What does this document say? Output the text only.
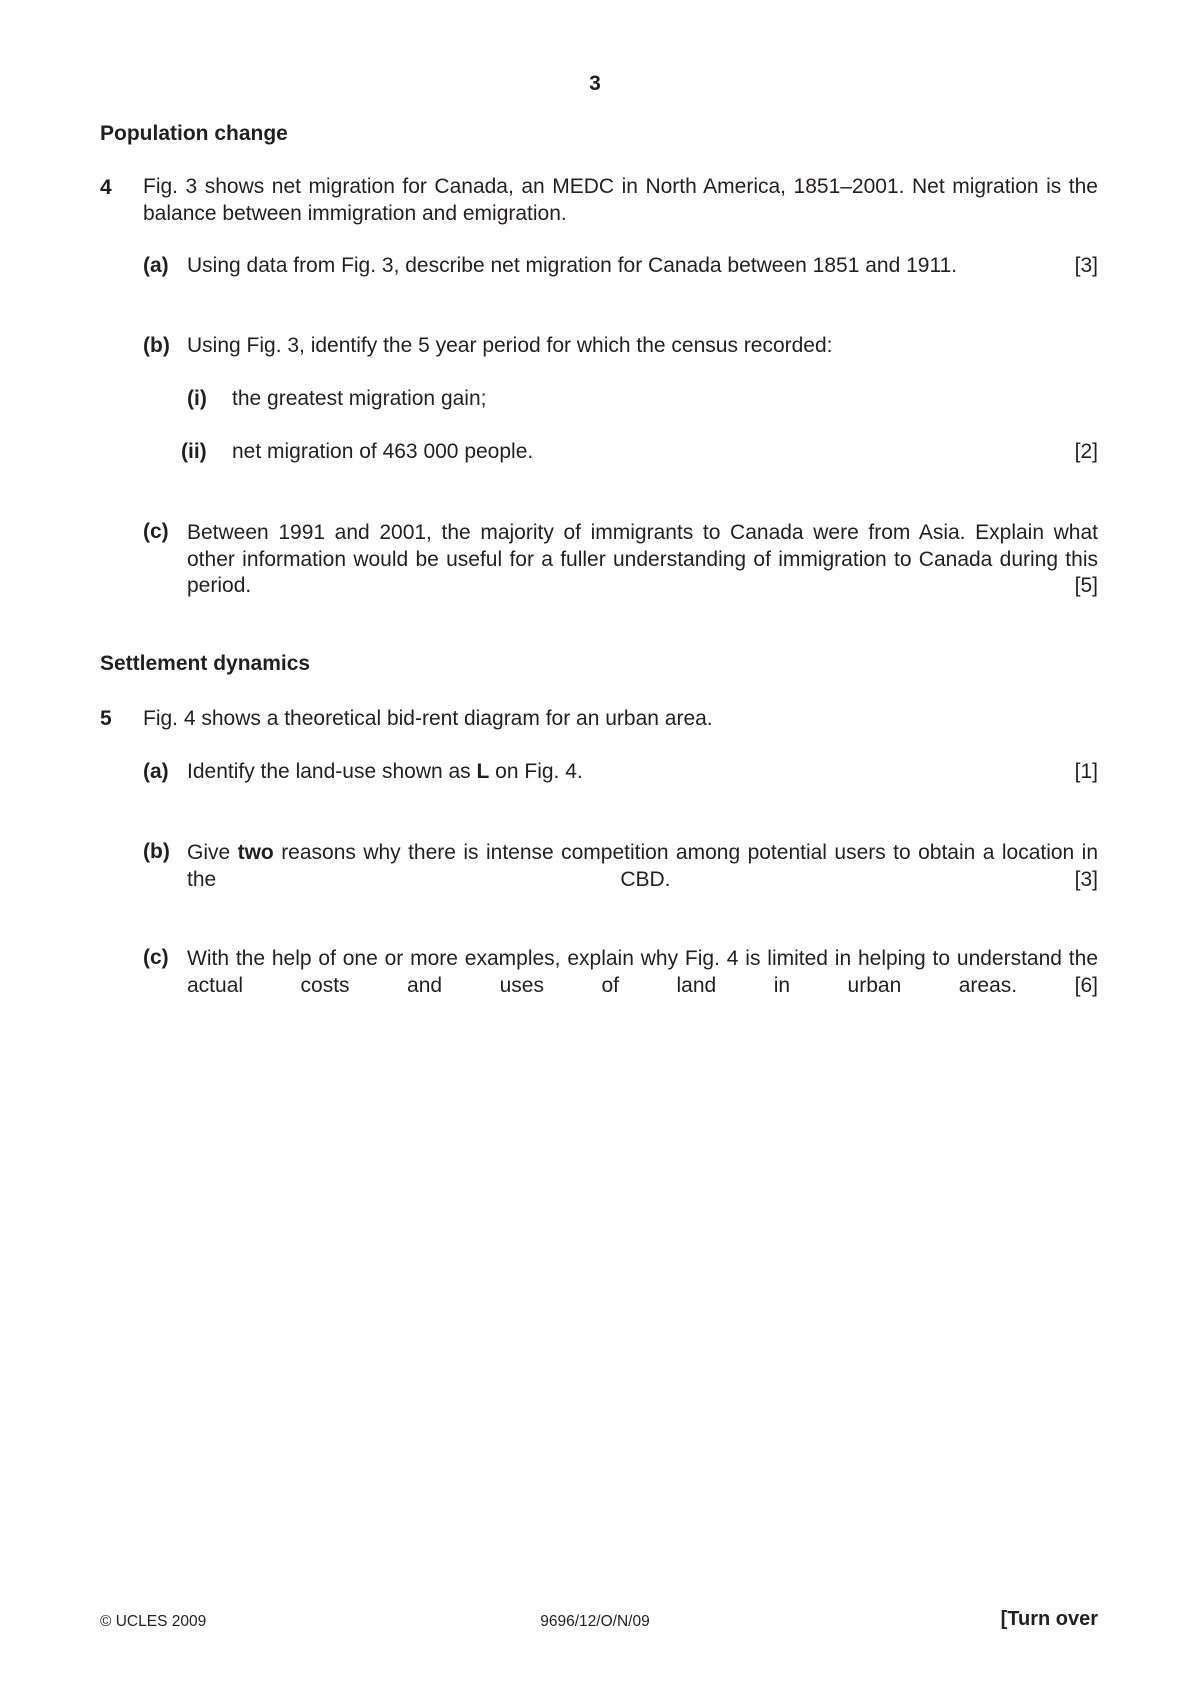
3
Population change
4 Fig. 3 shows net migration for Canada, an MEDC in North America, 1851–2001. Net migration is the balance between immigration and emigration.
(a) Using data from Fig. 3, describe net migration for Canada between 1851 and 1911.	[3]
(b) Using Fig. 3, identify the 5 year period for which the census recorded:
(i) the greatest migration gain;
(ii) net migration of 463 000 people.	[2]
(c) Between 1991 and 2001, the majority of immigrants to Canada were from Asia. Explain what other information would be useful for a fuller understanding of immigration to Canada during this period.	[5]
Settlement dynamics
5 Fig. 4 shows a theoretical bid-rent diagram for an urban area.
(a) Identify the land-use shown as L on Fig. 4.	[1]
(b) Give two reasons why there is intense competition among potential users to obtain a location in the CBD.	[3]
(c) With the help of one or more examples, explain why Fig. 4 is limited in helping to understand the actual costs and uses of land in urban areas.	[6]
© UCLES 2009	9696/12/O/N/09	[Turn over
